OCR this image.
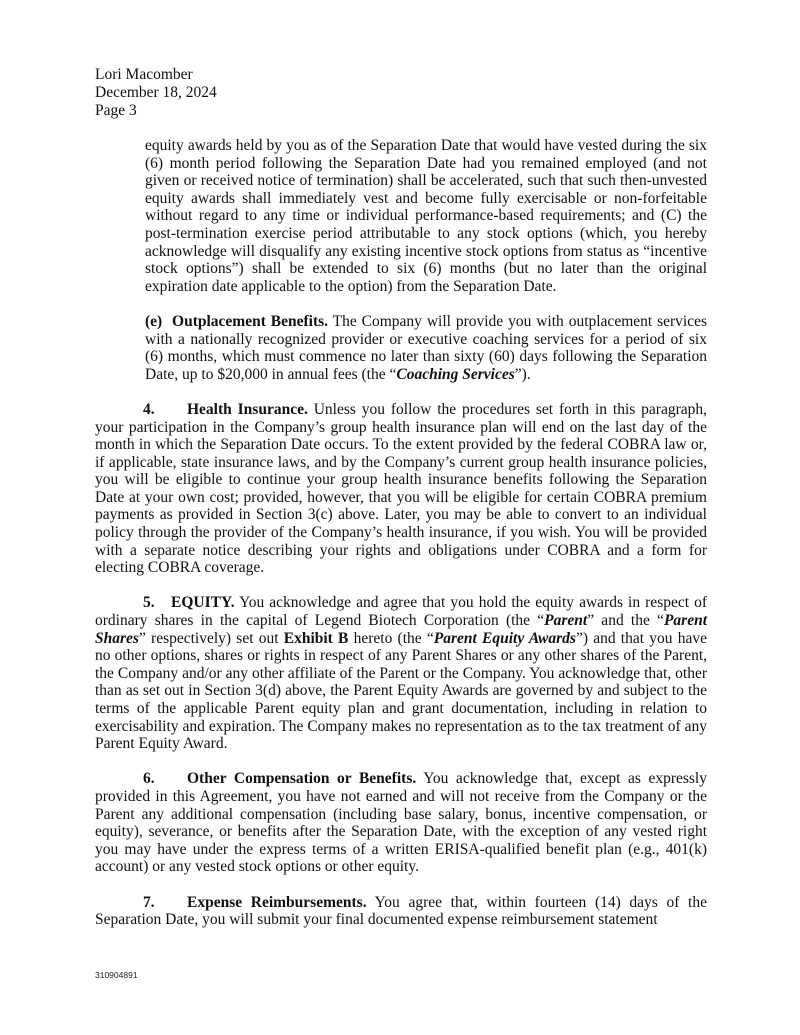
Lori Macomber
December 18, 2024
Page 3

equity awards held by you as of the Separation Date that would have vested during the six (6) month period following the Separation Date had you remained employed (and not given or received notice of termination) shall be accelerated, such that such then-unvested equity awards shall immediately vest and become fully exercisable or non-forfeitable without regard to any time or individual performance-based requirements; and (C) the post-termination exercise period attributable to any stock options (which, you hereby acknowledge will disqualify any existing incentive stock options from status as “incentive stock options”) shall be extended to six (6) months (but no later than the original expiration date applicable to the option) from the Separation Date.

(e) Outplacement Benefits. The Company will provide you with outplacement services with a nationally recognized provider or executive coaching services for a period of six (6) months, which must commence no later than sixty (60) days following the Separation Date, up to $20,000 in annual fees (the “Coaching Services”).

4. Health Insurance. Unless you follow the procedures set forth in this paragraph, your participation in the Company’s group health insurance plan will end on the last day of the month in which the Separation Date occurs. To the extent provided by the federal COBRA law or, if applicable, state insurance laws, and by the Company’s current group health insurance policies, you will be eligible to continue your group health insurance benefits following the Separation Date at your own cost; provided, however, that you will be eligible for certain COBRA premium payments as provided in Section 3(c) above. Later, you may be able to convert to an individual policy through the provider of the Company’s health insurance, if you wish. You will be provided with a separate notice describing your rights and obligations under COBRA and a form for electing COBRA coverage.

5. EQUITY. You acknowledge and agree that you hold the equity awards in respect of ordinary shares in the capital of Legend Biotech Corporation (the “Parent” and the “Parent Shares” respectively) set out Exhibit B hereto (the “Parent Equity Awards”) and that you have no other options, shares or rights in respect of any Parent Shares or any other shares of the Parent, the Company and/or any other affiliate of the Parent or the Company. You acknowledge that, other than as set out in Section 3(d) above, the Parent Equity Awards are governed by and subject to the terms of the applicable Parent equity plan and grant documentation, including in relation to exercisability and expiration. The Company makes no representation as to the tax treatment of any Parent Equity Award.

6. Other Compensation or Benefits. You acknowledge that, except as expressly provided in this Agreement, you have not earned and will not receive from the Company or the Parent any additional compensation (including base salary, bonus, incentive compensation, or equity), severance, or benefits after the Separation Date, with the exception of any vested right you may have under the express terms of a written ERISA-qualified benefit plan (e.g., 401(k) account) or any vested stock options or other equity.

7. Expense Reimbursements. You agree that, within fourteen (14) days of the Separation Date, you will submit your final documented expense reimbursement statement

310904891
